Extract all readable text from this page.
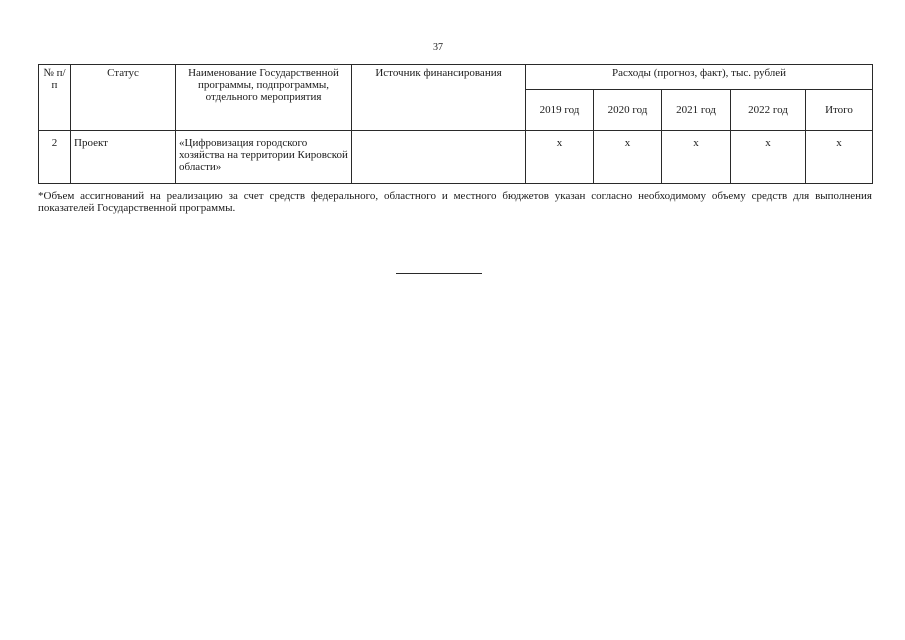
37
№ п/п	Статус	Наименование Государственной программы, подпрограммы, отдельного мероприятия	Источник финансирования	Расходы (прогноз, факт), тыс. рублей				
				2019 год	2020 год	2021 год	2022 год	Итого
2	Проект	«Цифровизация городского хозяйства на территории Кировской области»		x	x	x	x	x
*Объем ассигнований на реализацию за счет средств федерального, областного и местного бюджетов указан согласно необходимому объему средств для выполнения показателей Государственной программы.
